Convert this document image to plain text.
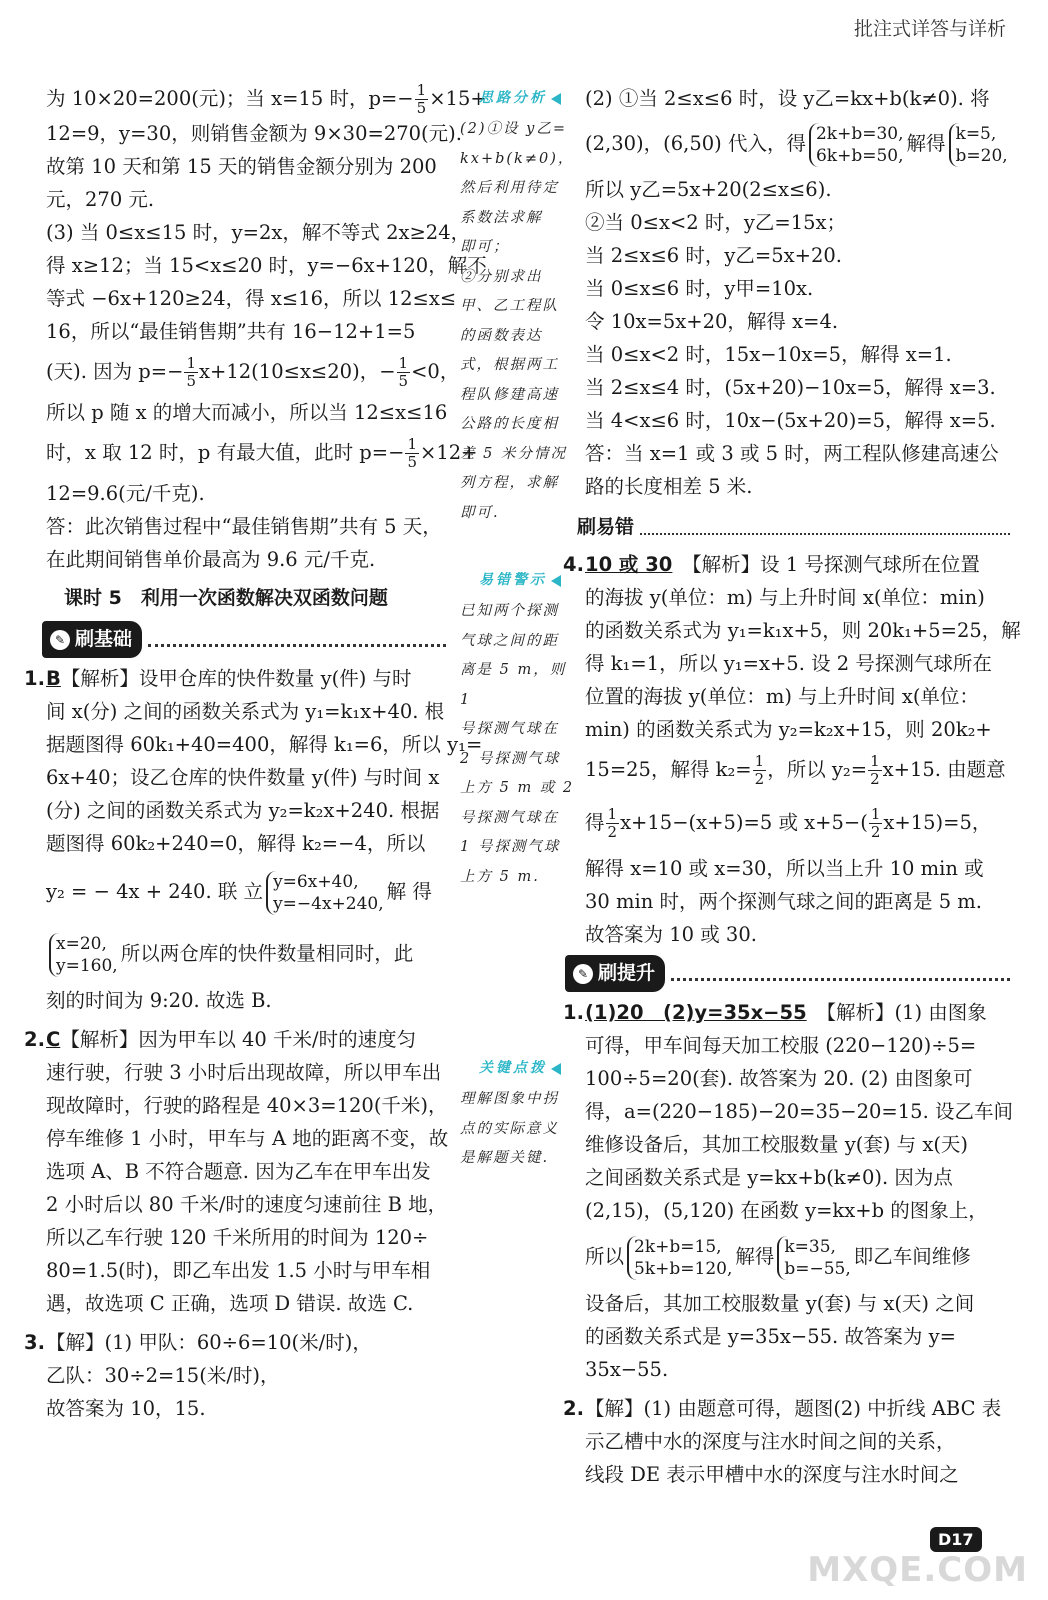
批注式详答与详析
为 10×20=200(元)；当 x=15 时，$p=- \frac{1}{5} \times 15+$
12=9，y=30，则销售金额为 9×30=270(元).
故第 10 天和第 15 天的销售金额分别为 200
元，270 元.
(3) 当 0≤x≤15 时，y=2x，解不等式 2x≥24，
得 x≥12；当 15<x≤20 时，y=−6x+120，解不
等式 −6x+120≥24，得 x≤16，所以 12≤x≤
16，所以“最佳销售期”共有 16−12+1=5
(天). 因为 $p=- \frac{1}{5} x+12(10\le x\le 20)$，− $\frac{1}{5} <0$，
所以 p 随 x 的增大而减小，所以当 12≤x≤16
时，x 取 12 时，p 有最大值，此时 $p=- \frac{1}{5} \times 12+$
12=9.6(元/千克).
答：此次销售过程中“最佳销售期”共有 5 天，
在此期间销售单价最高为 9.6 元/千克.
课时 5　利用一次函数解决双函数问题
✎ 刷基础
1.B【解析】设甲仓库的快件数量 y(件) 与时
间 x(分) 之间的函数关系式为 y₁=k₁x+40. 根
据题图得 60k₁+40=400，解得 k₁=6，所以 y₁=
6x+40；设乙仓库的快件数量 y(件) 与时间 x
(分) 之间的函数关系式为 y₂=k₂x+240. 根据
题图得 60k₂+240=0，解得 k₂=−4，所以
y₂ = − 4x + 240. 联 立 y=6x+40,
y=−4x+240,
解 得
x=20,
y=160,
所以两仓库的快件数量相同时，此
刻的时间为 9:20. 故选 B.
2.C【解析】因为甲车以 40 千米/时的速度匀
速行驶，行驶 3 小时后出现故障，所以甲车出
现故障时，行驶的路程是 40×3=120(千米)，
停车维修 1 小时，甲车与 A 地的距离不变，故
选项 A、B 不符合题意. 因为乙车在甲车出发
2 小时后以 80 千米/时的速度匀速前往 B 地，
所以乙车行驶 120 千米所用的时间为 120÷
80=1.5(时)，即乙车出发 1.5 小时与甲车相
遇，故选项 C 正确，选项 D 错误. 故选 C.
3.【解】(1) 甲队：60÷6=10(米/时)，
乙队：30÷2=15(米/时)，
故答案为 10，15.
思路分析
(2)①设 y乙=
kx+b(k≠0)，
然后利用待定
系数法求解
即可；
②分别求出
甲、乙工程队
的函数表达
式，根据两工
程队修建高速
公路的长度相
差 5 米分情况
列方程，求解
即可.
易错警示
已知两个探测
气球之间的距
离是 5 m，则 1
号探测气球在
2 号探测气球
上方 5 m 或 2
号探测气球在
1 号探测气球
上方 5 m.
关键点拨
理解图象中拐
点的实际意义
是解题关键.
(2) ①当 2≤x≤6 时，设 y乙=kx+b(k≠0). 将
(2,30)，(6,50) 代入，得 2k+b=30,
6k+b=50,
解得 k=5,
b=20,
所以 y乙=5x+20(2≤x≤6).
②当 0≤x<2 时，y乙=15x；
当 2≤x≤6 时，y乙=5x+20.
当 0≤x≤6 时，y甲=10x.
令 10x=5x+20，解得 x=4.
当 0≤x<2 时，15x−10x=5，解得 x=1.
当 2≤x≤4 时，(5x+20)−10x=5，解得 x=3.
当 4<x≤6 时，10x−(5x+20)=5，解得 x=5.
答：当 x=1 或 3 或 5 时，两工程队修建高速公
路的长度相差 5 米.
刷易错
4.10 或 30　 【解析】设 1 号探测气球所在位置
的海拔 y(单位：m) 与上升时间 x(单位：min)
的函数关系式为 y₁=k₁x+5，则 20k₁+5=25，解
得 k₁=1，所以 y₁=x+5. 设 2 号探测气球所在
位置的海拔 y(单位：m) 与上升时间 x(单位：
min) 的函数关系式为 y₂=k₂x+15，则 20k₂+
15=25，解得 $k_2= \frac{1}{2}$ ，所以 $y_2= \frac{1}{2} x+15$. 由题意
得 $\frac{1}{2} x+15-(x+5)=5$ 或 $x+5-( \frac{1}{2} x+15)=5$，
解得 x=10 或 x=30，所以当上升 10 min 或
30 min 时，两个探测气球之间的距离是 5 m.
故答案为 10 或 30.
✎ 刷提升
1.(1)20　(2)y=35x−55　 【解析】(1) 由图象
可得，甲车间每天加工校服 (220−120)÷5=
100÷5=20(套). 故答案为 20. (2) 由图象可
得，a=(220−185)−20=35−20=15. 设乙车间
维修设备后，其加工校服数量 y(套) 与 x(天)
之间函数关系式是 y=kx+b(k≠0). 因为点
(2,15)，(5,120) 在函数 y=kx+b 的图象上，
所以 2k+b=15,
5k+b=120,
解得 k=35,
b=−55,
即乙车间维修
设备后，其加工校服数量 y(套) 与 x(天) 之间
的函数关系式是 y=35x−55. 故答案为 y=
35x−55.
2.【解】(1) 由题意可得，题图(2) 中折线 ABC 表
示乙槽中水的深度与注水时间之间的关系，
线段 DE 表示甲槽中水的深度与注水时间之
D17
MXQE.COM
